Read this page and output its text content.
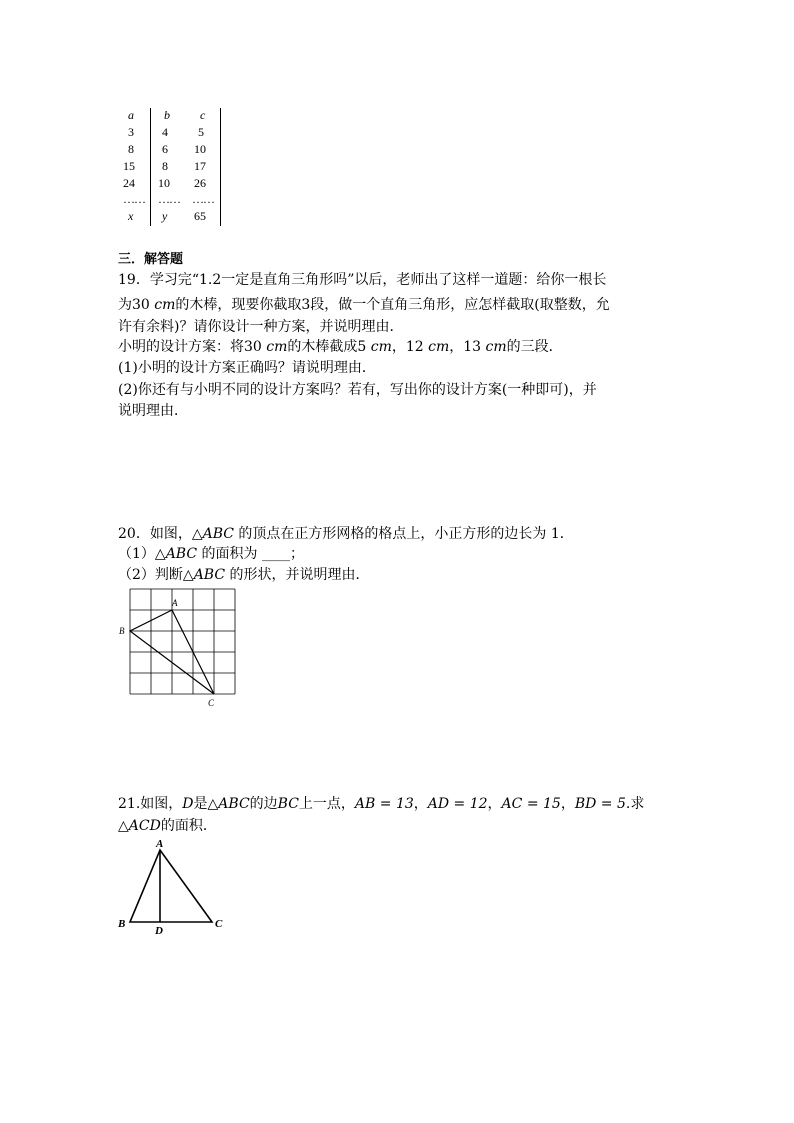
a	b	c
3 4	5
8 6 10
15 8 17
24 10 26
…… …… ……
x y 65
三．解答题
19．学习完“1.2一定是直角三角形吗”以后，老师出了这样一道题：给你一根长
为30 cm的木棒，现要你截取3段，做一个直角三角形，应怎样截取(取整数，允
许有余料)？请你设计一种方案，并说明理由．
小明的设计方案：将30 cm的木棒截成5 cm，12 cm，13 cm的三段．
(1)小明的设计方案正确吗？请说明理由．
(2)你还有与小明不同的设计方案吗？若有，写出你的设计方案(一种即可)，并
说明理由．
20．如图，△ABC 的顶点在正方形网格的格点上，小正方形的边长为 1．
（1）△ABC 的面积为 ____；
（2）判断△ABC 的形状，并说明理由．
A
B
C
21.如图，D是△ABC的边BC上一点，AB = 13，AD = 12，AC = 15，BD = 5.求
△ACD的面积．
A
B	C
D
